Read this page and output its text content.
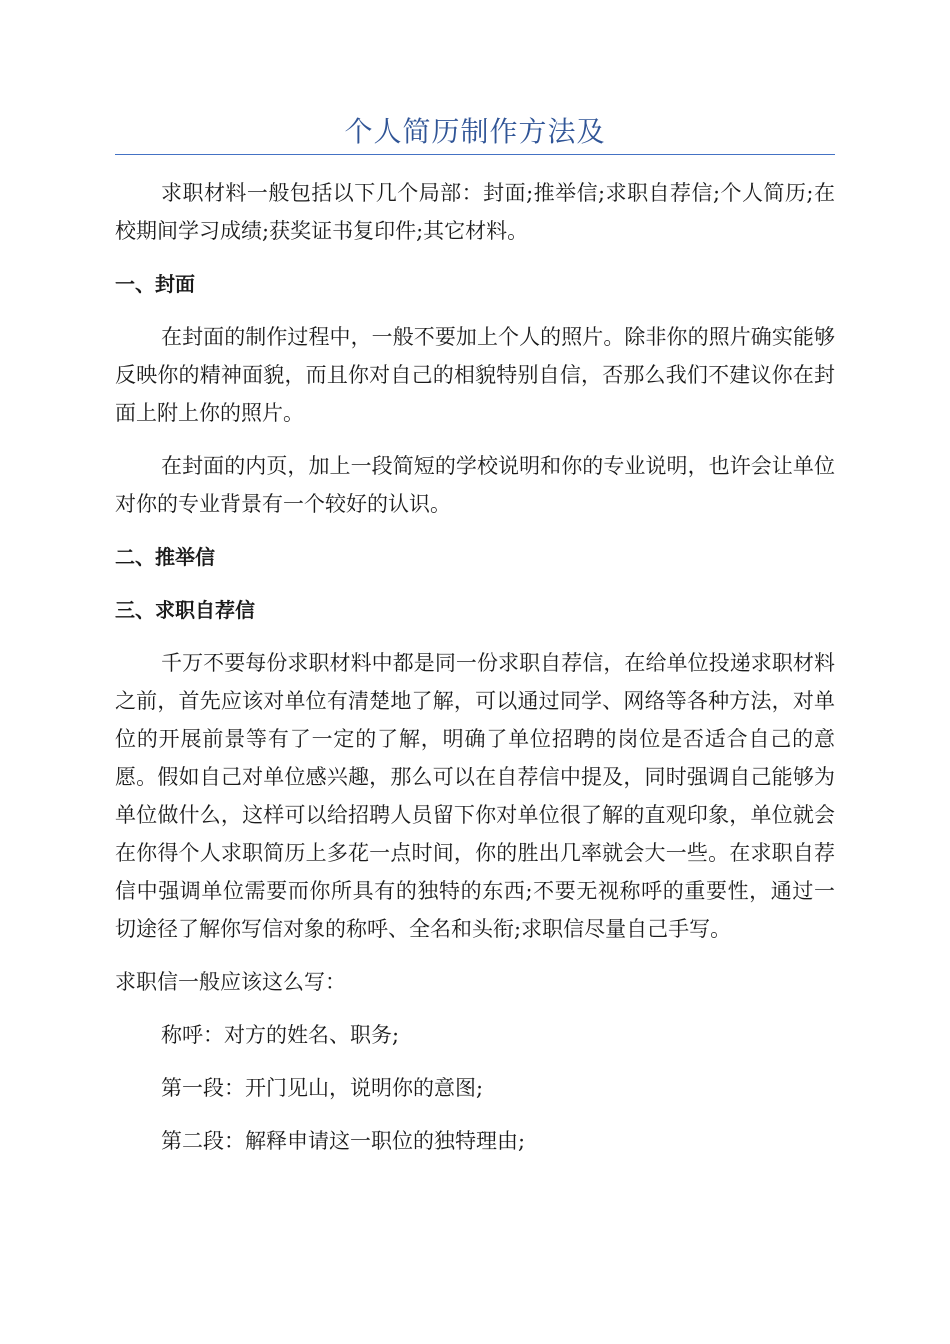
个人简历制作方法及

求职材料一般包括以下几个局部：封面;推举信;求职自荐信;个人简历;在校期间学习成绩;获奖证书复印件;其它材料。

一、封面

在封面的制作过程中，一般不要加上个人的照片。除非你的照片确实能够反映你的精神面貌，而且你对自己的相貌特别自信，否那么我们不建议你在封面上附上你的照片。

在封面的内页，加上一段简短的学校说明和你的专业说明，也许会让单位对你的专业背景有一个较好的认识。

二、推举信
三、求职自荐信

千万不要每份求职材料中都是同一份求职自荐信，在给单位投递求职材料之前，首先应该对单位有清楚地了解，可以通过同学、网络等各种方法，对单位的开展前景等有了一定的了解，明确了单位招聘的岗位是否适合自己的意愿。假如自己对单位感兴趣，那么可以在自荐信中提及，同时强调自己能够为单位做什么，这样可以给招聘人员留下你对单位很了解的直观印象，单位就会在你得个人求职简历上多花一点时间，你的胜出几率就会大一些。在求职自荐信中强调单位需要而你所具有的独特的东西;不要无视称呼的重要性，通过一切途径了解你写信对象的称呼、全名和头衔;求职信尽量自己手写。

求职信一般应该这么写：

称呼：对方的姓名、职务;
第一段：开门见山，说明你的意图;
第二段：解释申请这一职位的独特理由;
